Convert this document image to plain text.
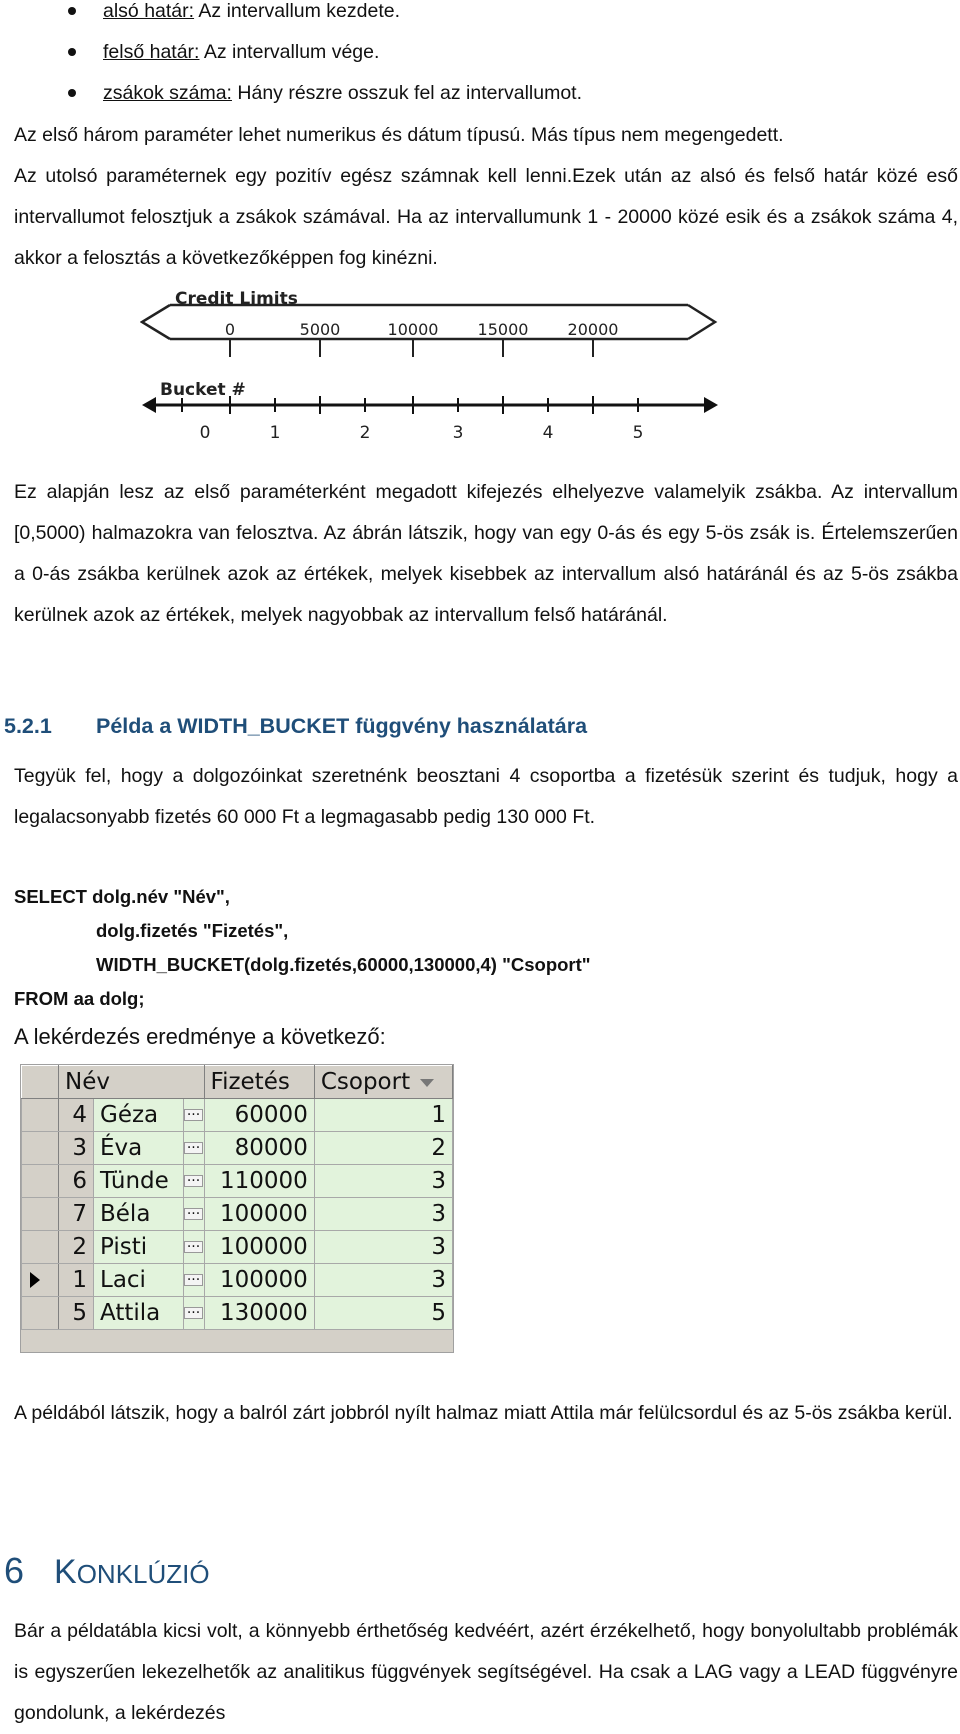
alsó határ: Az intervallum kezdete.
felső határ: Az intervallum vége.
zsákok száma: Hány részre osszuk fel az intervallumot.

Az első három paraméter lehet numerikus és dátum típusú. Más típus nem megengedett.

Az utolsó paraméternek egy pozitív egész számnak kell lenni.Ezek után az alsó és felső határ közé eső intervallumot felosztjuk a zsákok számával. Ha az intervallumunk 1 - 20000 közé esik és a zsákok száma 4, akkor a felosztás a következőképpen fog kinézni.

Credit Limits
0	5000	10000 15000 20000
Bucket #
0	1	2	3	4	5

Ez alapján lesz az első paraméterként megadott kifejezés elhelyezve valamelyik zsákba. Az intervallum [0,5000) halmazokra van felosztva. Az ábrán látszik, hogy van egy 0-ás és egy 5-ös zsák is. Értelemszerűen a 0-ás zsákba kerülnek azok az értékek, melyek kisebbek az intervallum alsó határánál és az 5-ös zsákba kerülnek azok az értékek, melyek nagyobbak az intervallum felső határánál.

5.2.1 Példa a WIDTH_BUCKET függvény használatára

Tegyük fel, hogy a dolgozóinkat szeretnénk beosztani 4 csoportba a fizetésük szerint és tudjuk, hogy a legalacsonyabb fizetés 60 000 Ft a legmagasabb pedig 130 000 Ft.

SELECT dolg.név "Név",
dolg.fizetés "Fizetés",
WIDTH_BUCKET(dolg.fizetés,60000,130000,4) "Csoport"
FROM aa dolg;

A lekérdezés eredménye a következő:

	Név			Fizetés	Csoport
	4	Géza	···	60000	1
	3	Éva	···	80000	2
	6	Tünde	···	110000	3
	7	Béla	···	100000	3
	2	Pisti	···	100000	3

	1	Laci	···	100000	3
	5	Attila	···	130000	5

A példából látszik, hogy a balról zárt jobbról nyílt halmaz miatt Attila már felülcsordul és az 5-ös zsákba kerül.

6 KONKLÚZIÓ

Bár a példatábla kicsi volt, a könnyebb érthetőség kedvéért, azért érzékelhető, hogy bonyolultabb problémák is egyszerűen lekezelhetők az analitikus függvények segítségével. Ha csak a LAG vagy a LEAD függvényre gondolunk, a lekérdezés
